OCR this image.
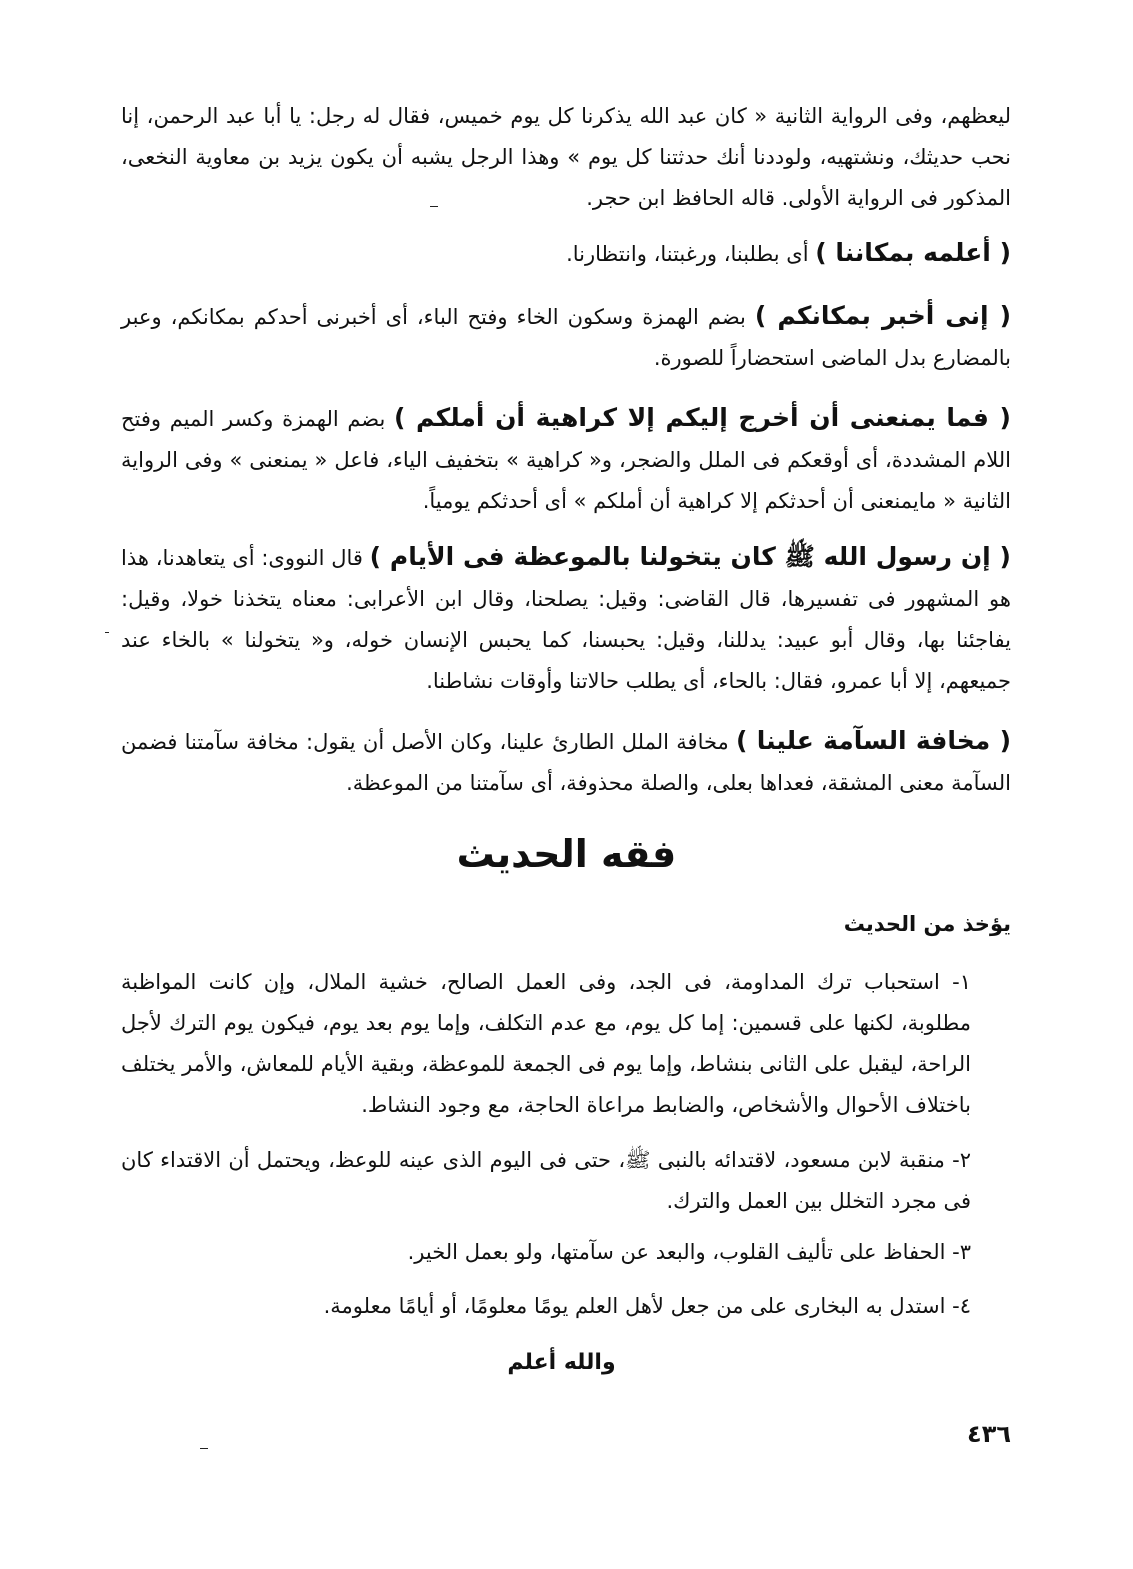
ليعظهم، وفى الرواية الثانية « كان عبد الله يذكرنا كل يوم خميس، فقال له رجل: يا أبا عبد الرحمن، إنا نحب حديثك، ونشتهيه، ولوددنا أنك حدثتنا كل يوم » وهذا الرجل يشبه أن يكون يزيد بن معاوية النخعى، المذكور فى الرواية الأولى. قاله الحافظ ابن حجر.

( أعلمه بمكاننا ) أى بطلبنا، ورغبتنا، وانتظارنا.

( إنى أخبر بمكانكم ) بضم الهمزة وسكون الخاء وفتح الباء، أى أخبرنى أحدكم بمكانكم، وعبر بالمضارع بدل الماضى استحضاراً للصورة.

( فما يمنعنى أن أخرج إليكم إلا كراهية أن أملكم ) بضم الهمزة وكسر الميم وفتح اللام المشددة، أى أوقعكم فى الملل والضجر، و« كراهية » بتخفيف الياء، فاعل « يمنعنى » وفى الرواية الثانية « مايمنعنى أن أحدثكم إلا كراهية أن أملكم » أى أحدثكم يومياً.

( إن رسول الله ﷺ كان يتخولنا بالموعظة فى الأيام ) قال النووى: أى يتعاهدنا، هذا هو المشهور فى تفسيرها، قال القاضى: وقيل: يصلحنا، وقال ابن الأعرابى: معناه يتخذنا خولا، وقيل: يفاجئنا بها، وقال أبو عبيد: يدللنا، وقيل: يحبسنا، كما يحبس الإنسان خوله، و« يتخولنا » بالخاء عند جميعهم، إلا أبا عمرو، فقال: بالحاء، أى يطلب حالاتنا وأوقات نشاطنا.

( مخافة السآمة علينا ) مخافة الملل الطارئ علينا، وكان الأصل أن يقول: مخافة سآمتنا فضمن السآمة معنى المشقة، فعداها بعلى، والصلة محذوفة، أى سآمتنا من الموعظة.

فقه الحديث
يؤخذ من الحديث

١- استحباب ترك المداومة، فى الجد، وفى العمل الصالح، خشية الملال، وإن كانت المواظبة مطلوبة، لكنها على قسمين: إما كل يوم، مع عدم التكلف، وإما يوم بعد يوم، فيكون يوم الترك لأجل الراحة، ليقبل على الثانى بنشاط، وإما يوم فى الجمعة للموعظة، وبقية الأيام للمعاش، والأمر يختلف باختلاف الأحوال والأشخاص، والضابط مراعاة الحاجة، مع وجود النشاط.

٢- منقبة لابن مسعود، لاقتدائه بالنبى ﷺ، حتى فى اليوم الذى عينه للوعظ، ويحتمل أن الاقتداء كان فى مجرد التخلل بين العمل والترك.

٣- الحفاظ على تأليف القلوب، والبعد عن سآمتها، ولو بعمل الخير.

٤- استدل به البخارى على من جعل لأهل العلم يومًا معلومًا، أو أيامًا معلومة.

والله أعلم
٤٣٦
